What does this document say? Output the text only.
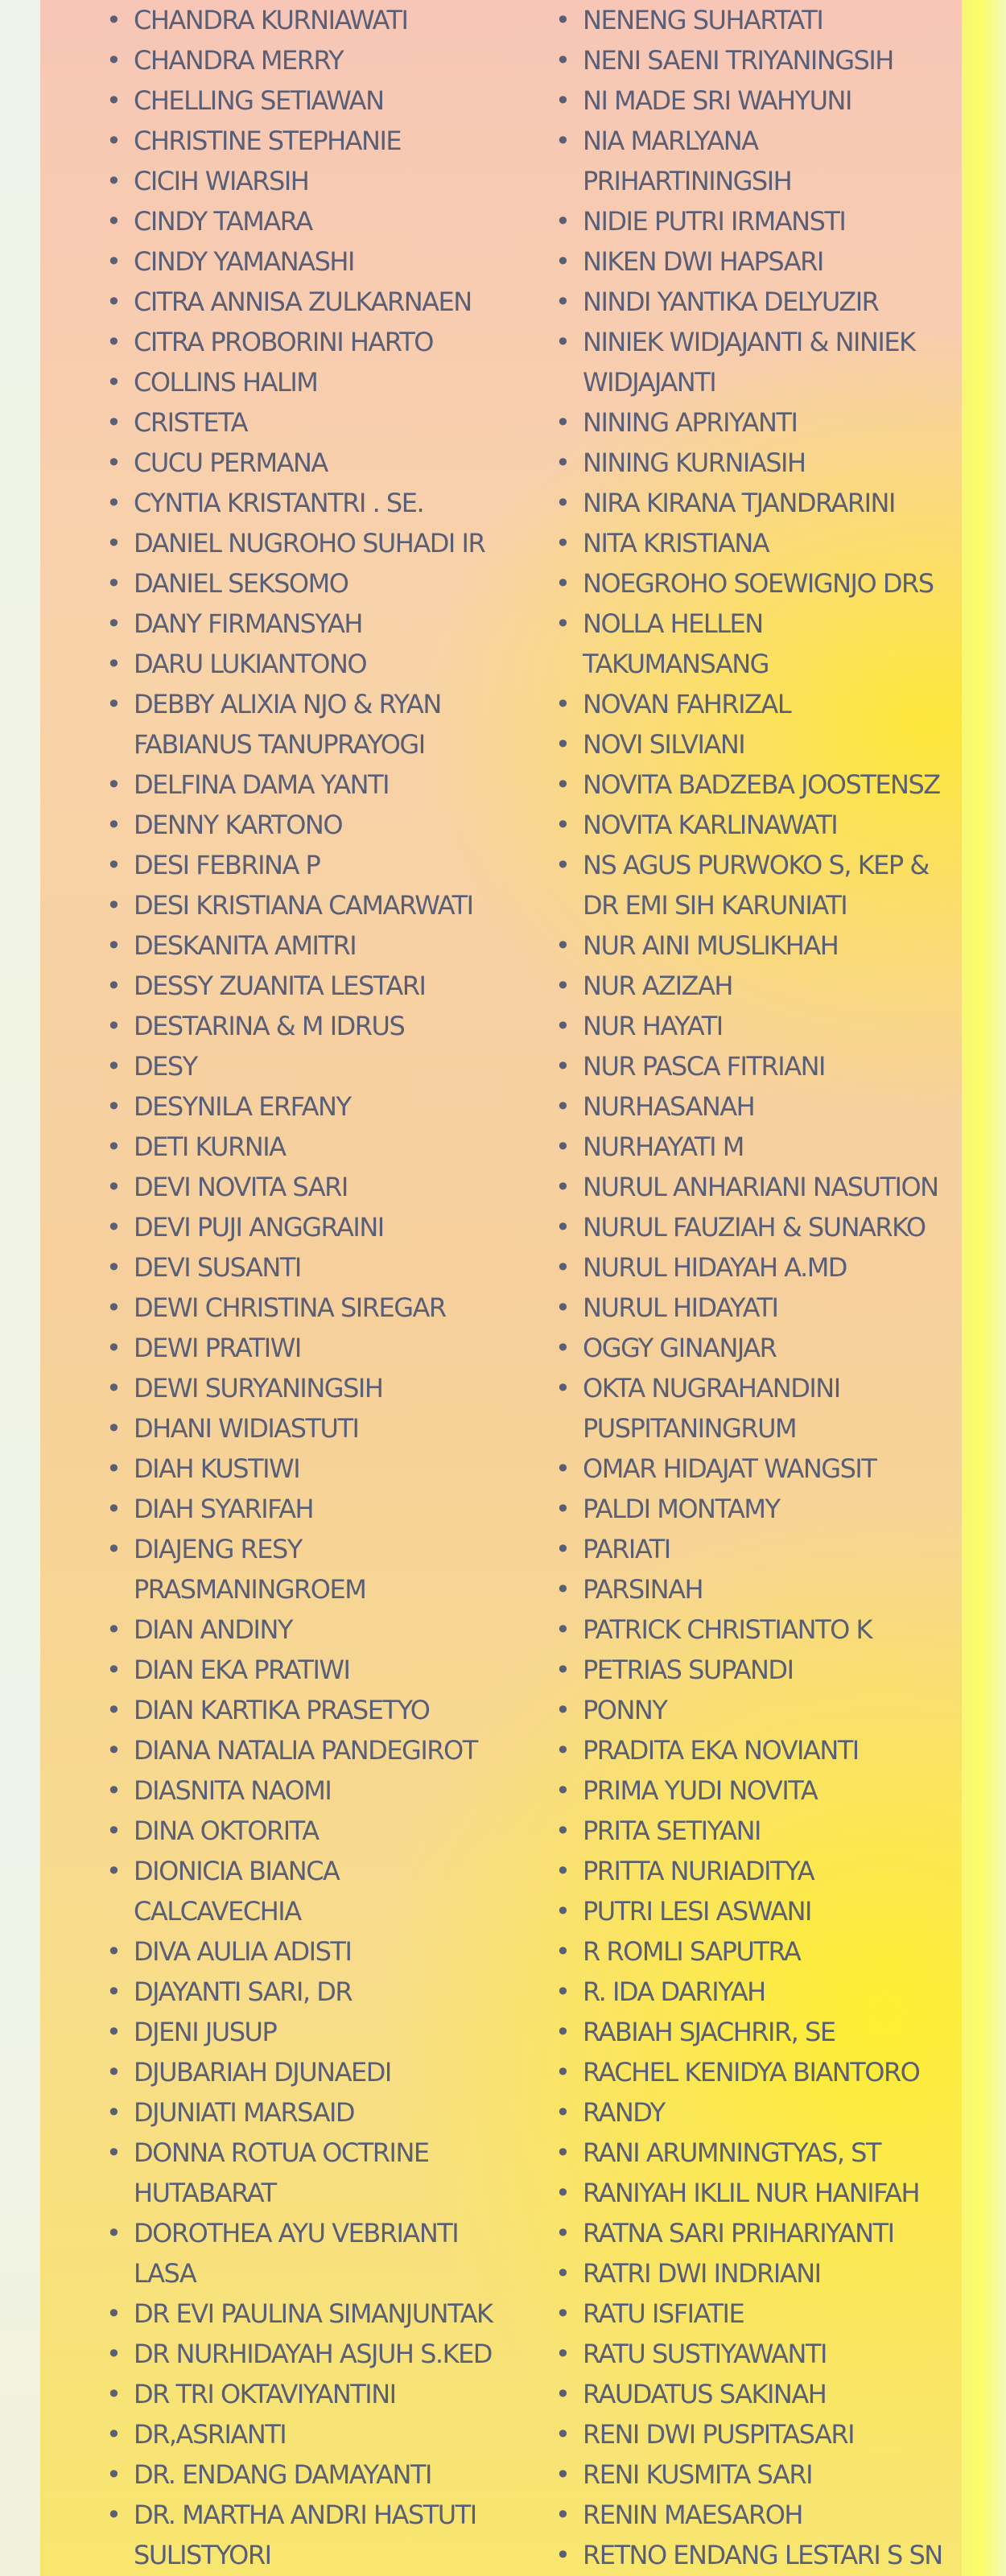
• CHANDRA KURNIAWATI
• CHANDRA MERRY
• CHELLING SETIAWAN
• CHRISTINE STEPHANIE
• CICIH WIARSIH
• CINDY TAMARA
• CINDY YAMANASHI
• CITRA ANNISA ZULKARNAEN
• CITRA PROBORINI HARTO
• COLLINS HALIM
• CRISTETA
• CUCU PERMANA
• CYNTIA KRISTANTRI . SE.
• DANIEL NUGROHO SUHADI IR
• DANIEL SEKSOMO
• DANY FIRMANSYAH
• DARU LUKIANTONO
• DEBBY ALIXIA NJO & RYAN
FABIANUS TANUPRAYOGI
• DELFINA DAMA YANTI
• DENNY KARTONO
• DESI FEBRINA P
• DESI KRISTIANA CAMARWATI
• DESKANITA AMITRI
• DESSY ZUANITA LESTARI
• DESTARINA & M IDRUS
• DESY
• DESYNILA ERFANY
• DETI KURNIA
• DEVI NOVITA SARI
• DEVI PUJI ANGGRAINI
• DEVI SUSANTI
• DEWI CHRISTINA SIREGAR
• DEWI PRATIWI
• DEWI SURYANINGSIH
• DHANI WIDIASTUTI
• DIAH KUSTIWI
• DIAH SYARIFAH
• DIAJENG RESY
PRASMANINGROEM
• DIAN ANDINY
• DIAN EKA PRATIWI
• DIAN KARTIKA PRASETYO
• DIANA NATALIA PANDEGIROT
• DIASNITA NAOMI
• DINA OKTORITA
• DIONICIA BIANCA
CALCAVECHIA
• DIVA AULIA ADISTI
• DJAYANTI SARI, DR
• DJENI JUSUP
• DJUBARIAH DJUNAEDI
• DJUNIATI MARSAID
• DONNA ROTUA OCTRINE
HUTABARAT
• DOROTHEA AYU VEBRIANTI
LASA
• DR EVI PAULINA SIMANJUNTAK
• DR NURHIDAYAH ASJUH S.KED
• DR TRI OKTAVIYANTINI
• DR,ASRIANTI
• DR. ENDANG DAMAYANTI
• DR. MARTHA ANDRI HASTUTI
SULISTYORI
• NENENG SUHARTATI
• NENI SAENI TRIYANINGSIH
• NI MADE SRI WAHYUNI
• NIA MARLYANA
PRIHARTININGSIH
• NIDIE PUTRI IRMANSTI
• NIKEN DWI HAPSARI
• NINDI YANTIKA DELYUZIR
• NINIEK WIDJAJANTI & NINIEK
WIDJAJANTI
• NINING APRIYANTI
• NINING KURNIASIH
• NIRA KIRANA TJANDRARINI
• NITA KRISTIANA
• NOEGROHO SOEWIGNJO DRS
• NOLLA HELLEN
TAKUMANSANG
• NOVAN FAHRIZAL
• NOVI SILVIANI
• NOVITA BADZEBA JOOSTENSZ
• NOVITA KARLINAWATI
• NS AGUS PURWOKO S, KEP &
DR EMI SIH KARUNIATI
• NUR AINI MUSLIKHAH
• NUR AZIZAH
• NUR HAYATI
• NUR PASCA FITRIANI
• NURHASANAH
• NURHAYATI M
• NURUL ANHARIANI NASUTION
• NURUL FAUZIAH & SUNARKO
• NURUL HIDAYAH A.MD
• NURUL HIDAYATI
• OGGY GINANJAR
• OKTA NUGRAHANDINI
PUSPITANINGRUM
• OMAR HIDAJAT WANGSIT
• PALDI MONTAMY
• PARIATI
• PARSINAH
• PATRICK CHRISTIANTO K
• PETRIAS SUPANDI
• PONNY
• PRADITA EKA NOVIANTI
• PRIMA YUDI NOVITA
• PRITA SETIYANI
• PRITTA NURIADITYA
• PUTRI LESI ASWANI
• R ROMLI SAPUTRA
• R. IDA DARIYAH
• RABIAH SJACHRIR, SE
• RACHEL KENIDYA BIANTORO
• RANDY
• RANI ARUMNINGTYAS, ST
• RANIYAH IKLIL NUR HANIFAH
• RATNA SARI PRIHARIYANTI
• RATRI DWI INDRIANI
• RATU ISFIATIE
• RATU SUSTIYAWANTI
• RAUDATUS SAKINAH
• RENI DWI PUSPITASARI
• RENI KUSMITA SARI
• RENIN MAESAROH
• RETNO ENDANG LESTARI S SN
